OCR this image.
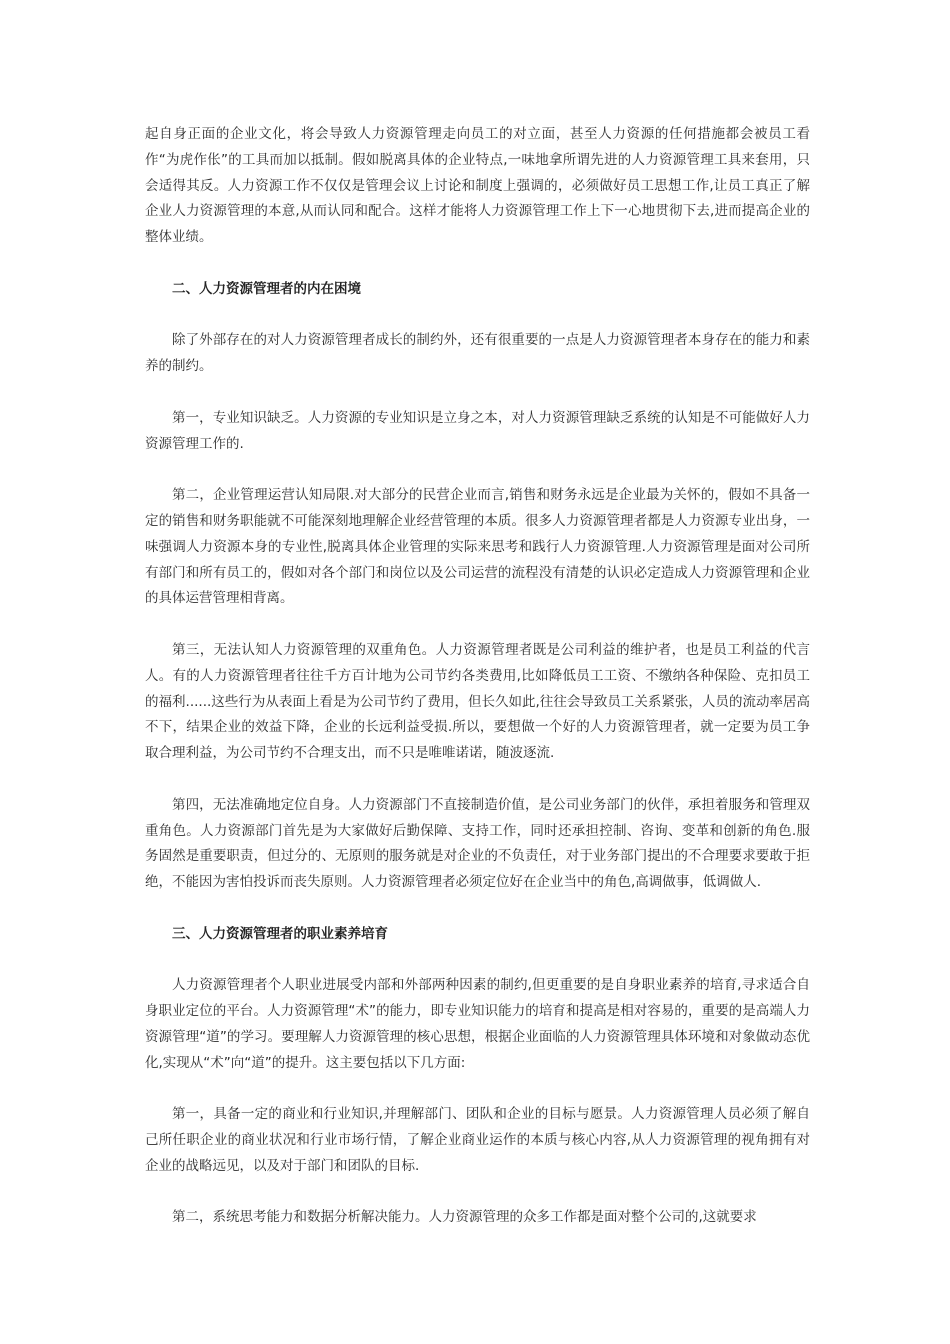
起自身正面的企业文化，将会导致人力资源管理走向员工的对立面，甚至人力资源的任何措施都会被员工看作“为虎作伥”的工具而加以抵制。假如脱离具体的企业特点,一味地拿所谓先进的人力资源管理工具来套用，只会适得其反。人力资源工作不仅仅是管理会议上讨论和制度上强调的，必须做好员工思想工作,让员工真正了解企业人力资源管理的本意,从而认同和配合。这样才能将人力资源管理工作上下一心地贯彻下去,进而提高企业的整体业绩。

二、人力资源管理者的内在困境

除了外部存在的对人力资源管理者成长的制约外，还有很重要的一点是人力资源管理者本身存在的能力和素养的制约。

第一，专业知识缺乏。人力资源的专业知识是立身之本，对人力资源管理缺乏系统的认知是不可能做好人力资源管理工作的.

第二，企业管理运营认知局限.对大部分的民营企业而言,销售和财务永远是企业最为关怀的，假如不具备一定的销售和财务职能就不可能深刻地理解企业经营管理的本质。很多人力资源管理者都是人力资源专业出身，一味强调人力资源本身的专业性,脱离具体企业管理的实际来思考和践行人力资源管理.人力资源管理是面对公司所有部门和所有员工的，假如对各个部门和岗位以及公司运营的流程没有清楚的认识必定造成人力资源管理和企业的具体运营管理相背离。

第三，无法认知人力资源管理的双重角色。人力资源管理者既是公司利益的维护者，也是员工利益的代言人。有的人力资源管理者往往千方百计地为公司节约各类费用,比如降低员工工资、不缴纳各种保险、克扣员工的福利......这些行为从表面上看是为公司节约了费用，但长久如此,往往会导致员工关系紧张，人员的流动率居高不下，结果企业的效益下降，企业的长远利益受损.所以，要想做一个好的人力资源管理者，就一定要为员工争取合理利益，为公司节约不合理支出，而不只是唯唯诺诺，随波逐流.

第四，无法准确地定位自身。人力资源部门不直接制造价值，是公司业务部门的伙伴，承担着服务和管理双重角色。人力资源部门首先是为大家做好后勤保障、支持工作，同时还承担控制、咨询、变革和创新的角色.服务固然是重要职责，但过分的、无原则的服务就是对企业的不负责任，对于业务部门提出的不合理要求要敢于拒绝，不能因为害怕投诉而丧失原则。人力资源管理者必须定位好在企业当中的角色,高调做事，低调做人.

三、人力资源管理者的职业素养培育

人力资源管理者个人职业进展受内部和外部两种因素的制约,但更重要的是自身职业素养的培育,寻求适合自身职业定位的平台。人力资源管理“术”的能力，即专业知识能力的培育和提高是相对容易的，重要的是高端人力资源管理“道”的学习。要理解人力资源管理的核心思想，根据企业面临的人力资源管理具体环境和对象做动态优化,实现从“术”向“道”的提升。这主要包括以下几方面:

第一，具备一定的商业和行业知识,并理解部门、团队和企业的目标与愿景。人力资源管理人员必须了解自己所任职企业的商业状况和行业市场行情，了解企业商业运作的本质与核心内容,从人力资源管理的视角拥有对企业的战略远见，以及对于部门和团队的目标.

第二，系统思考能力和数据分析解决能力。人力资源管理的众多工作都是面对整个公司的,这就要求
